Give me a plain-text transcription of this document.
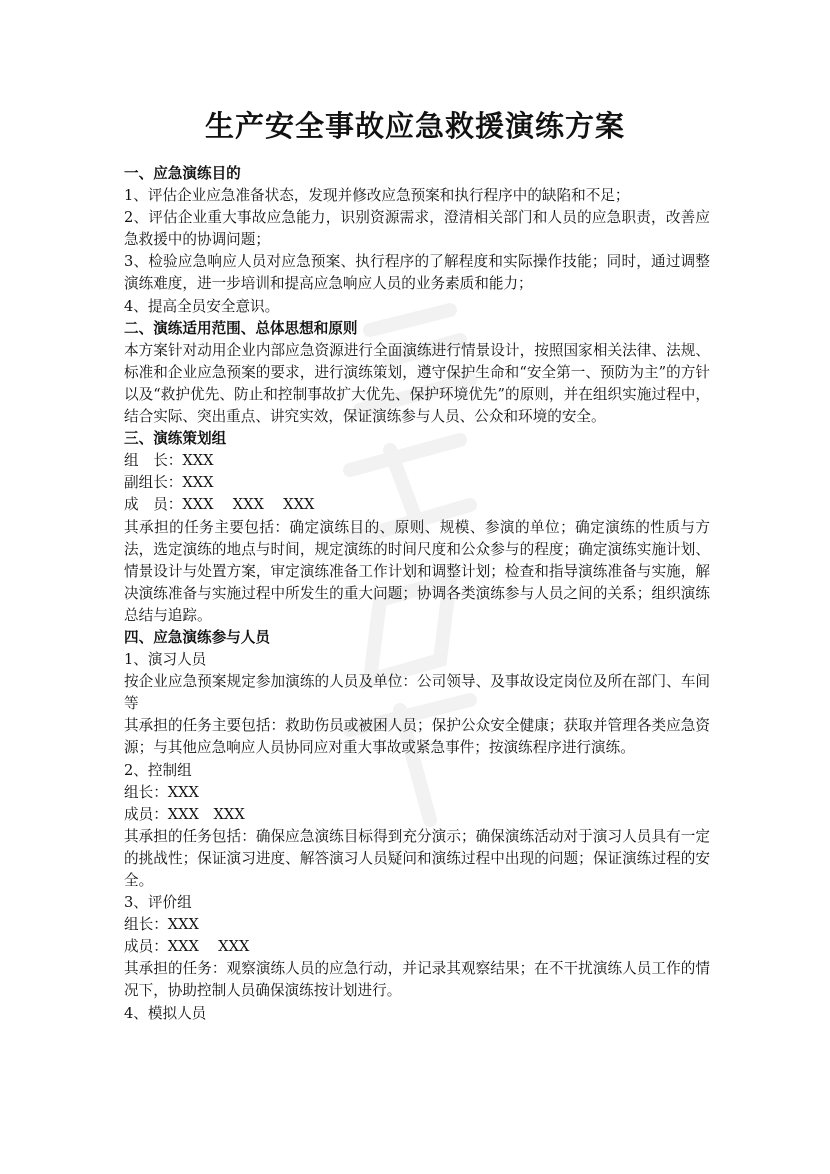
生产安全事故应急救援演练方案

一、应急演练目的

1、评估企业应急准备状态，发现并修改应急预案和执行程序中的缺陷和不足；

2、评估企业重大事故应急能力，识别资源需求，澄清相关部门和人员的应急职责，改善应急救援中的协调问题；

3、检验应急响应人员对应急预案、执行程序的了解程度和实际操作技能；同时，通过调整演练难度，进一步培训和提高应急响应人员的业务素质和能力；

4、提高全员安全意识。

二、演练适用范围、总体思想和原则

本方案针对动用企业内部应急资源进行全面演练进行情景设计，按照国家相关法律、法规、标准和企业应急预案的要求，进行演练策划，遵守保护生命和“安全第一、预防为主”的方针以及“救护优先、防止和控制事故扩大优先、保护环境优先”的原则，并在组织实施过程中，结合实际、突出重点、讲究实效，保证演练参与人员、公众和环境的安全。

三、演练策划组

组　长：XXX

副组长：XXX

成　员：XXX　 XXX　 XXX

其承担的任务主要包括：确定演练目的、原则、规模、参演的单位；确定演练的性质与方法，选定演练的地点与时间，规定演练的时间尺度和公众参与的程度；确定演练实施计划、情景设计与处置方案，审定演练准备工作计划和调整计划；检查和指导演练准备与实施，解决演练准备与实施过程中所发生的重大问题；协调各类演练参与人员之间的关系；组织演练总结与追踪。

四、应急演练参与人员

1、演习人员

按企业应急预案规定参加演练的人员及单位：公司领导、及事故设定岗位及所在部门、车间等

其承担的任务主要包括：救助伤员或被困人员；保护公众安全健康；获取并管理各类应急资源；与其他应急响应人员协同应对重大事故或紧急事件；按演练程序进行演练。

2、控制组

组长：XXX

成员：XXX　XXX

其承担的任务包括：确保应急演练目标得到充分演示；确保演练活动对于演习人员具有一定的挑战性；保证演习进度、解答演习人员疑问和演练过程中出现的问题；保证演练过程的安全。

3、评价组

组长：XXX

成员：XXX　 XXX

其承担的任务：观察演练人员的应急行动，并记录其观察结果；在不干扰演练人员工作的情况下，协助控制人员确保演练按计划进行。

4、模拟人员
